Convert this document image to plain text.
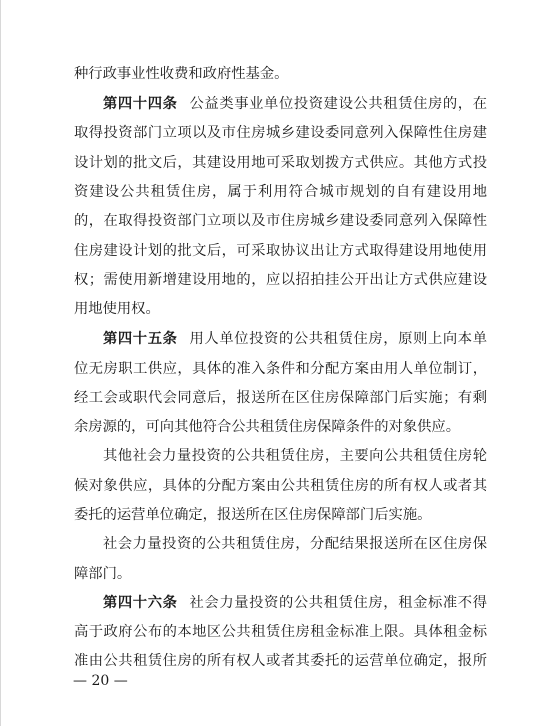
种行政事业性收费和政府性基金。
第四十四条 公益类事业单位投资建设公共租赁住房的，在
取得投资部门立项以及市住房城乡建设委同意列入保障性住房建
设计划的批文后，其建设用地可采取划拨方式供应。其他方式投
资建设公共租赁住房，属于利用符合城市规划的自有建设用地
的，在取得投资部门立项以及市住房城乡建设委同意列入保障性
住房建设计划的批文后，可采取协议出让方式取得建设用地使用
权；需使用新增建设用地的，应以招拍挂公开出让方式供应建设
用地使用权。
第四十五条 用人单位投资的公共租赁住房，原则上向本单
位无房职工供应，具体的准入条件和分配方案由用人单位制订，
经工会或职代会同意后，报送所在区住房保障部门后实施；有剩
余房源的，可向其他符合公共租赁住房保障条件的对象供应。
其他社会力量投资的公共租赁住房，主要向公共租赁住房轮
候对象供应，具体的分配方案由公共租赁住房的所有权人或者其
委托的运营单位确定，报送所在区住房保障部门后实施。
社会力量投资的公共租赁住房，分配结果报送所在区住房保
障部门。
第四十六条 社会力量投资的公共租赁住房，租金标准不得
高于政府公布的本地区公共租赁住房租金标准上限。具体租金标
准由公共租赁住房的所有权人或者其委托的运营单位确定，报所
— 20 —
